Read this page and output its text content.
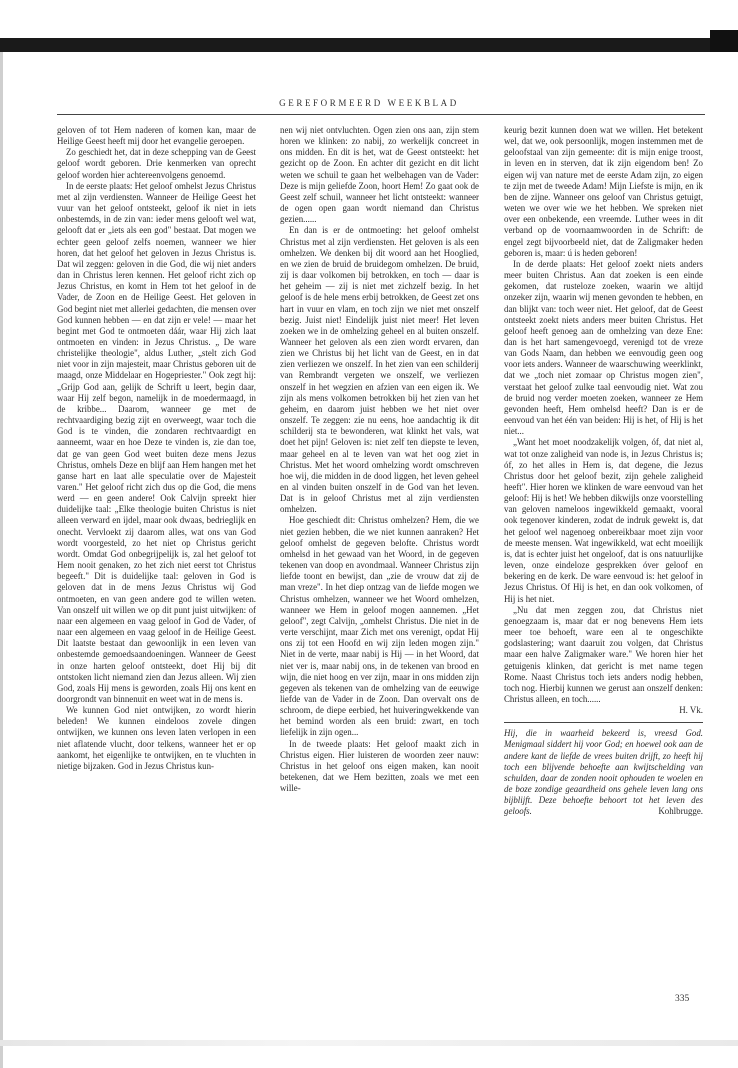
GEREFORMEERD WEEKBLAD

geloven of tot Hem naderen of komen kan, maar de Heilige Geest heeft mij door het evangelie geroepen.

Zo geschiedt het, dat in deze schepping van de Geest geloof wordt geboren. Drie kenmerken van oprecht geloof worden hier achtereenvolgens genoemd.

In de eerste plaats: Het geloof omhelst Jezus Christus met al zijn verdiensten. Wanneer de Heilige Geest het vuur van het geloof ontsteekt, geloof ik niet in iets onbestemds, in de zin van: ieder mens gelooft wel wat, gelooft dat er „iets als een god" bestaat. Dat mogen we echter geen geloof zelfs noemen, wanneer we hier horen, dat het geloof het geloven in Jezus Christus is. Dat wil zeggen: geloven in die God, die wij niet anders dan in Christus leren kennen. Het geloof richt zich op Jezus Christus, en komt in Hem tot het geloof in de Vader, de Zoon en de Heilige Geest. Het geloven in God begint niet met allerlei gedachten, die mensen over God kunnen hebben — en dat zijn er vele! — maar het begint met God te ontmoeten dáár, waar Hij zich laat ontmoeten en vinden: in Jezus Christus. „ De ware christelijke theologie", aldus Luther, „stelt zich God niet voor in zijn majesteit, maar Christus geboren uit de maagd, onze Middelaar en Hogepriester." Ook zegt hij: „Grijp God aan, gelijk de Schrift u leert, begin daar, waar Hij zelf begon, namelijk in de moedermaagd, in de kribbe... Daarom, wanneer ge met de rechtvaardiging bezig zijt en overweegt, waar toch die God is te vinden, die zondaren rechtvaardigt en aanneemt, waar en hoe Deze te vinden is, zie dan toe, dat ge van geen God weet buiten deze mens Jezus Christus, omhels Deze en blijf aan Hem hangen met het ganse hart en laat alle speculatie over de Majesteit varen." Het geloof richt zich dus op die God, die mens werd — en geen andere! Ook Calvijn spreekt hier duidelijke taal: „Elke theologie buiten Christus is niet alleen verward en ijdel, maar ook dwaas, bedrieglijk en onecht. Vervloekt zij daarom alles, wat ons van God wordt voorgesteld, zo het niet op Christus gericht wordt. Omdat God onbegrijpelijk is, zal het geloof tot Hem nooit genaken, zo het zich niet eerst tot Christus begeeft." Dit is duidelijke taal: geloven in God is geloven dat in de mens Jezus Christus wij God ontmoeten, en van geen andere god te willen weten. Van onszelf uit willen we op dit punt juist uitwijken: of naar een algemeen en vaag geloof in God de Vader, of naar een algemeen en vaag geloof in de Heilige Geest. Dit laatste bestaat dan gewoonlijk in een leven van onbestemde gemoedsaandoeningen. Wanneer de Geest in onze harten geloof ontsteekt, doet Hij bij dit ontstoken licht niemand zien dan Jezus alleen. Wij zien God, zoals Hij mens is geworden, zoals Hij ons kent en doorgrondt van binnenuit en weet wat in de mens is.

We kunnen God niet ontwijken, zo wordt hierin beleden! We kunnen eindeloos zovele dingen ontwijken, we kunnen ons leven laten verlopen in een niet aflatende vlucht, door telkens, wanneer het er op aankomt, het eigenlijke te ontwijken, en te vluchten in nietige bijzaken. God in Jezus Christus kun-

nen wij niet ontvluchten. Ogen zien ons aan, zijn stem horen we klinken: zo nabij, zo werkelijk concreet in ons midden. En dit is het, wat de Geest ontsteekt: het gezicht op de Zoon. En achter dit gezicht en dit licht weten we schuil te gaan het welbehagen van de Vader: Deze is mijn geliefde Zoon, hoort Hem! Zo gaat ook de Geest zelf schuil, wanneer het licht ontsteekt: wanneer de ogen open gaan wordt niemand dan Christus gezien......

En dan is er de ontmoeting: het geloof omhelst Christus met al zijn verdiensten. Het geloven is als een omhelzen. We denken bij dit woord aan het Hooglied, en we zien de bruid de bruidegom omhelzen. De bruid, zij is daar volkomen bij betrokken, en toch — daar is het geheim — zij is niet met zichzelf bezig. In het geloof is de hele mens erbij betrokken, de Geest zet ons hart in vuur en vlam, en toch zijn we niet met onszelf bezig. Juist niet! Eindelijk juist niet meer! Het leven zoeken we in de omhelzing geheel en al buiten onszelf. Wanneer het geloven als een zien wordt ervaren, dan zien we Christus bij het licht van de Geest, en in dat zien verliezen we onszelf. In het zien van een schilderij van Rembrandt vergeten we onszelf, we verliezen onszelf in het wegzien en afzien van een eigen ik. We zijn als mens volkomen betrokken bij het zien van het geheim, en daarom juist hebben we het niet over onszelf. Te zeggen: zie nu eens, hoe aandachtig ik dit schilderij sta te bewonderen, wat klinkt het vals, wat doet het pijn! Geloven is: niet zelf ten diepste te leven, maar geheel en al te leven van wat het oog ziet in Christus. Met het woord omhelzing wordt omschreven hoe wij, die midden in de dood liggen, het leven geheel en al vinden buiten onszelf in de God van het leven. Dat is in geloof Christus met al zijn verdiensten omhelzen.

Hoe geschiedt dit: Christus omhelzen? Hem, die we niet gezien hebben, die we niet kunnen aanraken? Het geloof omhelst de gegeven belofte. Christus wordt omhelsd in het gewaad van het Woord, in de gegeven tekenen van doop en avondmaal. Wanneer Christus zijn liefde toont en bewijst, dan „zie de vrouw dat zij de man vreze". In het diep ontzag van de liefde mogen we Christus omhelzen, wanneer we het Woord omhelzen, wanneer we Hem in geloof mogen aannemen. „Het geloof", zegt Calvijn, „omhelst Christus. Die niet in de verte verschijnt, maar Zich met ons verenigt, opdat Hij ons zij tot een Hoofd en wij zijn leden mogen zijn." Niet in de verte, maar nabij is Hij — in het Woord, dat niet ver is, maar nabij ons, in de tekenen van brood en wijn, die niet hoog en ver zijn, maar in ons midden zijn gegeven als tekenen van de omhelzing van de eeuwige liefde van de Vader in de Zoon. Dan overvalt ons de schroom, de diepe eerbied, het huiveringwekkende van het bemind worden als een bruid: zwart, en toch liefelijk in zijn ogen...

In de tweede plaats: Het geloof maakt zich in Christus eigen. Hier luisteren de woorden zeer nauw: Christus in het geloof ons eigen maken, kan nooit betekenen, dat we Hem bezitten, zoals we met een wille-

keurig bezit kunnen doen wat we willen. Het betekent wel, dat we, ook persoonlijk, mogen instemmen met de geloofstaal van zijn gemeente: dit is mijn enige troost, in leven en in sterven, dat ik zijn eigendom ben! Zo eigen wij van nature met de eerste Adam zijn, zo eigen te zijn met de tweede Adam! Mijn Liefste is mijn, en ik ben de zijne. Wanneer ons geloof van Christus getuigt, weten we over wie we het hebben. We spreken niet over een onbekende, een vreemde. Luther wees in dit verband op de voornaamwoorden in de Schrift: de engel zegt bijvoorbeeld niet, dat de Zaligmaker heden geboren is, maar: ú is heden geboren!

In de derde plaats: Het geloof zoekt niets anders meer buiten Christus. Aan dat zoeken is een einde gekomen, dat rusteloze zoeken, waarin we altijd onzeker zijn, waarin wij menen gevonden te hebben, en dan blijkt van: toch weer niet. Het geloof, dat de Geest ontsteekt zoekt niets anders meer buiten Christus. Het geloof heeft genoeg aan de omhelzing van deze Ene: dan is het hart samengevoegd, verenigd tot de vreze van Gods Naam, dan hebben we eenvoudig geen oog voor iets anders. Wanneer de waarschuwing weerklinkt, dat we „toch niet zomaar op Christus mogen zien", verstaat het geloof zulke taal eenvoudig niet. Wat zou de bruid nog verder moeten zoeken, wanneer ze Hem gevonden heeft, Hem omhelsd heeft? Dan is er de eenvoud van het één van beiden: Hij is het, of Hij is het niet...

„Want het moet noodzakelijk volgen, óf, dat niet al, wat tot onze zaligheid van node is, in Jezus Christus is; óf, zo het alles in Hem is, dat degene, die Jezus Christus door het geloof bezit, zijn gehele zaligheid heeft". Hier horen we klinken de ware eenvoud van het geloof: Hij is het! We hebben dikwijls onze voorstelling van geloven nameloos ingewikkeld gemaakt, vooral ook tegenover kinderen, zodat de indruk gewekt is, dat het geloof wel nagenoeg onbereikbaar moet zijn voor de meeste mensen. Wat ingewikkeld, wat echt moeilijk is, dat is echter juist het ongeloof, dat is ons natuurlijke leven, onze eindeloze gesprekken óver geloof en bekering en de kerk. De ware eenvoud is: het geloof in Jezus Christus. Of Hij is het, en dan ook volkomen, of Hij is het niet.

„Nu dat men zeggen zou, dat Christus niet genoegzaam is, maar dat er nog benevens Hem iets meer toe behoeft, ware een al te ongeschikte godslastering; want daaruit zou volgen, dat Christus maar een halve Zaligmaker ware." We horen hier het getuigenis klinken, dat gericht is met name tegen Rome. Naast Christus toch iets anders nodig hebben, toch nog. Hierbij kunnen we gerust aan onszelf denken: Christus alleen, en toch......

H. Vk.

Hij, die in waarheid bekeerd is, vreesd God. Menigmaal siddert hij voor God; en hoewel ook aan de andere kant de liefde de vrees buiten drijft, zo heeft hij toch een blijvende behoefte aan kwijtschelding van schulden, daar de zonden nooit ophouden te woelen en de boze zondige geaardheid ons gehele leven lang ons bijblijft. Deze behoefte behoort tot het leven des geloofs.	Kohlbrugge.

335
